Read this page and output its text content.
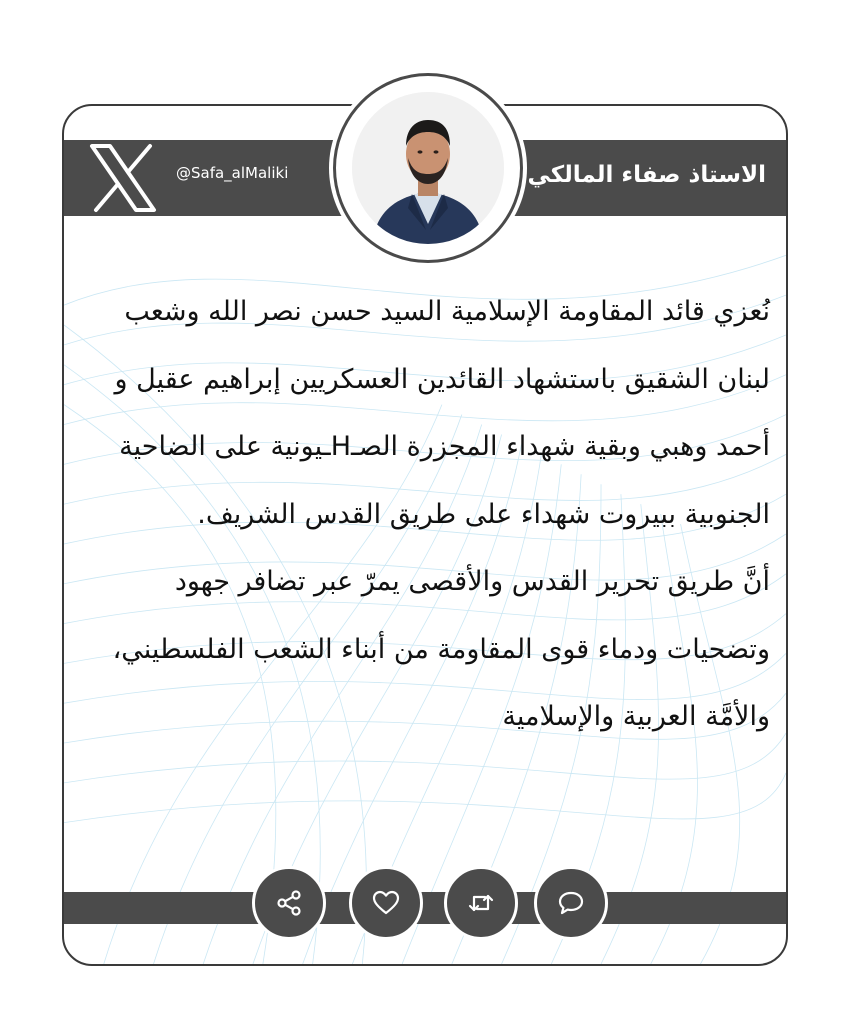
@Safa_alMaliki	الاستاذ صفاء المالكي

نُعزي قائد المقاومة الإسلامية السيد حسن نصر الله وشعب لبنان الشقيق باستشهاد القائدين العسكريين إبراهيم عقيل و أحمد وهبي وبقية شهداء المجزرة الصـHـيونية على الضاحية الجنوبية ببيروت شهداء على طريق القدس الشريف.

أنَّ طريق تحرير القدس والأقصى يمرّ عبر تضافر جهود وتضحيات ودماء قوى المقاومة من أبناء الشعب الفلسطيني، والأمَّة العربية والإسلامية
